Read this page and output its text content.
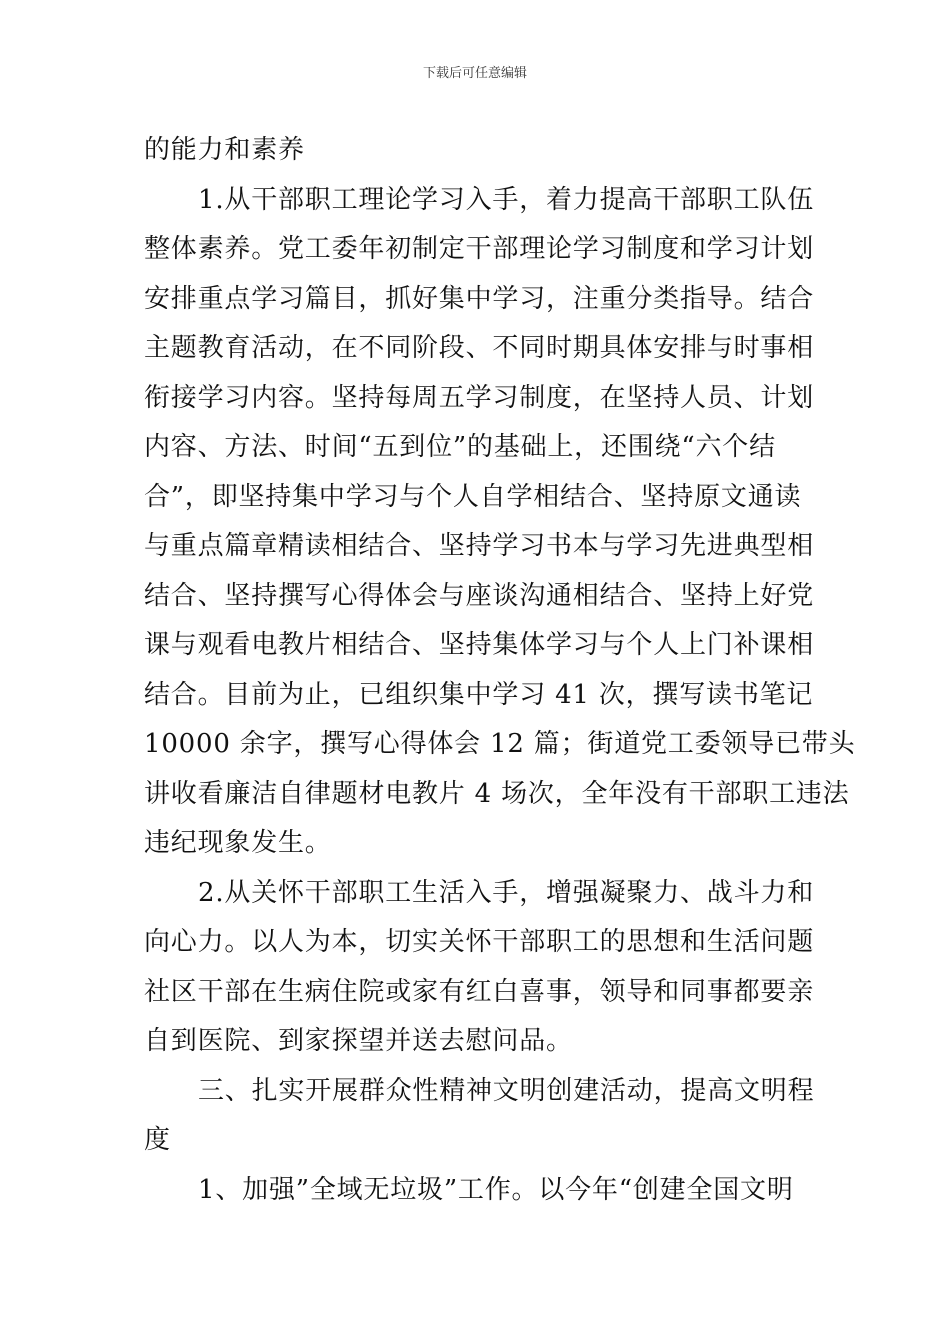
下载后可任意编辑
的能力和素养
1.从干部职工理论学习入手，着力提高干部职工队伍
整体素养。党工委年初制定干部理论学习制度和学习计划
安排重点学习篇目，抓好集中学习，注重分类指导。结合
主题教育活动，在不同阶段、不同时期具体安排与时事相
衔接学习内容。坚持每周五学习制度，在坚持人员、计划
内容、方法、时间“五到位”的基础上，还围绕“六个结
合”，即坚持集中学习与个人自学相结合、坚持原文通读
与重点篇章精读相结合、坚持学习书本与学习先进典型相
结合、坚持撰写心得体会与座谈沟通相结合、坚持上好党
课与观看电教片相结合、坚持集体学习与个人上门补课相
结合。目前为止，已组织集中学习 41 次，撰写读书笔记
10000 余字，撰写心得体会 12 篇；街道党工委领导已带头
讲收看廉洁自律题材电教片 4 场次，全年没有干部职工违法
违纪现象发生。
2.从关怀干部职工生活入手，增强凝聚力、战斗力和
向心力。以人为本，切实关怀干部职工的思想和生活问题
社区干部在生病住院或家有红白喜事，领导和同事都要亲
自到医院、到家探望并送去慰问品。
三、扎实开展群众性精神文明创建活动，提高文明程
度
1、加强”全域无垃圾”工作。以今年“创建全国文明
